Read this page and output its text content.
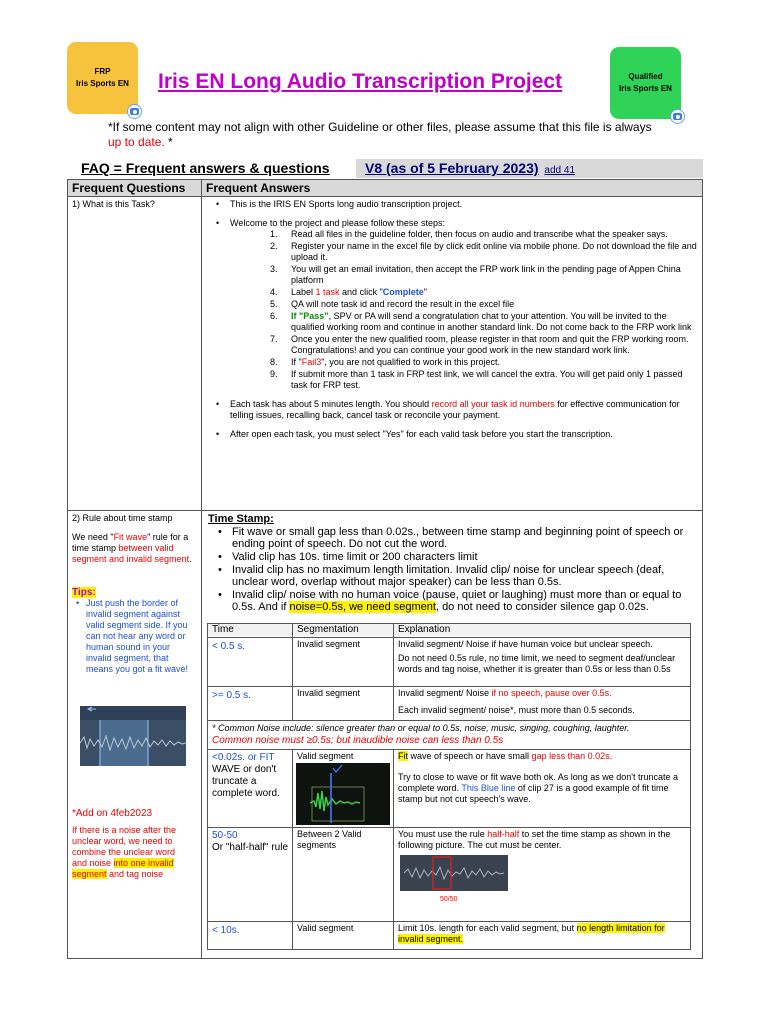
FRP
Iris Sports EN
Qualified
Iris Sports EN
Iris EN Long Audio Transcription Project
*If some content may not align with other Guideline or other files, please assume that this file is always
up to date. *
FAQ = Frequent answers & questions	V8 (as of 5 February 2023) add 41
Frequent Questions	Frequent Answers
1) What is this Task?
•	This is the IRIS EN Sports long audio transcription project.
• Welcome to the project and please follow these steps:
1. Read all files in the guideline folder, then focus on audio and transcribe what the speaker says.
2. Register your name in the excel file by click edit online via mobile phone. Do not download the file and upload it.
3. You will get an email invitation, then accept the FRP work link in the pending page of Appen China platform
4. Label 1 task and click "Complete"
5. QA will note task id and record the result in the excel file
6. If "Pass", SPV or PA will send a congratulation chat to your attention. You will be invited to the qualified working room and continue in another standard link. Do not come back to the FRP work link
7. Once you enter the new qualified room, please register in that room and quit the FRP working room. Congratulations! and you can continue your good work in the new standard work link.
8. If "Fail3", you are not qualified to work in this project.
9. If submit more than 1 task in FRP test link, we will cancel the extra. You will get paid only 1 passed task for FRP test.
• Each task has about 5 minutes length. You should record all your task id numbers for effective communication for telling issues, recalling back, cancel task or reconcile your payment.
• After open each task, you must select "Yes" for each valid task before you start the transcription.
2) Rule about time stamp
We need "Fit wave" rule for a time stamp between valid segment and invalid segment.
Tips:
• Just push the border of invalid segment against valid segment side. If you can not hear any word or human sound in your invalid segment, that means you got a fit wave!
*Add on 4feb2023
If there is a noise after the unclear word, we need to combine the unclear word and noise into one invalid segment and tag noise
Time Stamp:
• Fit wave or small gap less than 0.02s., between time stamp and beginning point of speech or ending point of speech. Do not cut the word.
• Valid clip has 10s. time limit or 200 characters limit
• Invalid clip has no maximum length limitation. Invalid clip/ noise for unclear speech (deaf, unclear word, overlap without major speaker) can be less than 0.5s.
• Invalid clip/ noise with no human voice (pause, quiet or laughing) must more than or equal to 0.5s. And if noise=0.5s, we need segment, do not need to consider silence gap 0.02s.
Time	Segmentation	Explanation
< 0.5 s.	Invalid segment	Invalid segment/ Noise if have human voice but unclear speech.
Do not need 0.5s rule, no time limit, we need to segment deaf/unclear words and tag noise, whether it is greater than 0.5s or less than 0.5s
>= 0.5 s.	Invalid segment	Invalid segment/ Noise if no speech, pause over 0.5s.
Each invalid segment/ noise*, must more than 0.5 seconds.
* Common Noise include: silence greater than or equal to 0.5s, noise, music, singing, coughing, laughter.
Common noise must ≥0.5s; but inaudible noise can less than 0.5s
<0.02s. or FIT
WAVE or don't truncate a complete word.
Valid segment	Fit wave of speech or have small gap less than 0.02s.
Try to close to wave or fit wave both ok. As long as we don't truncate a complete word. This Blue line of clip 27 is a good example of fit time stamp but not cut speech's wave.
50-50
Or "half-half" rule
Between 2 Valid segments
You must use the rule half-half to set the time stamp as shown in the following picture. The cut must be center.
50/50
< 10s.	Valid segment	Limit 10s. length for each valid segment, but no length limitation for invalid segment.
